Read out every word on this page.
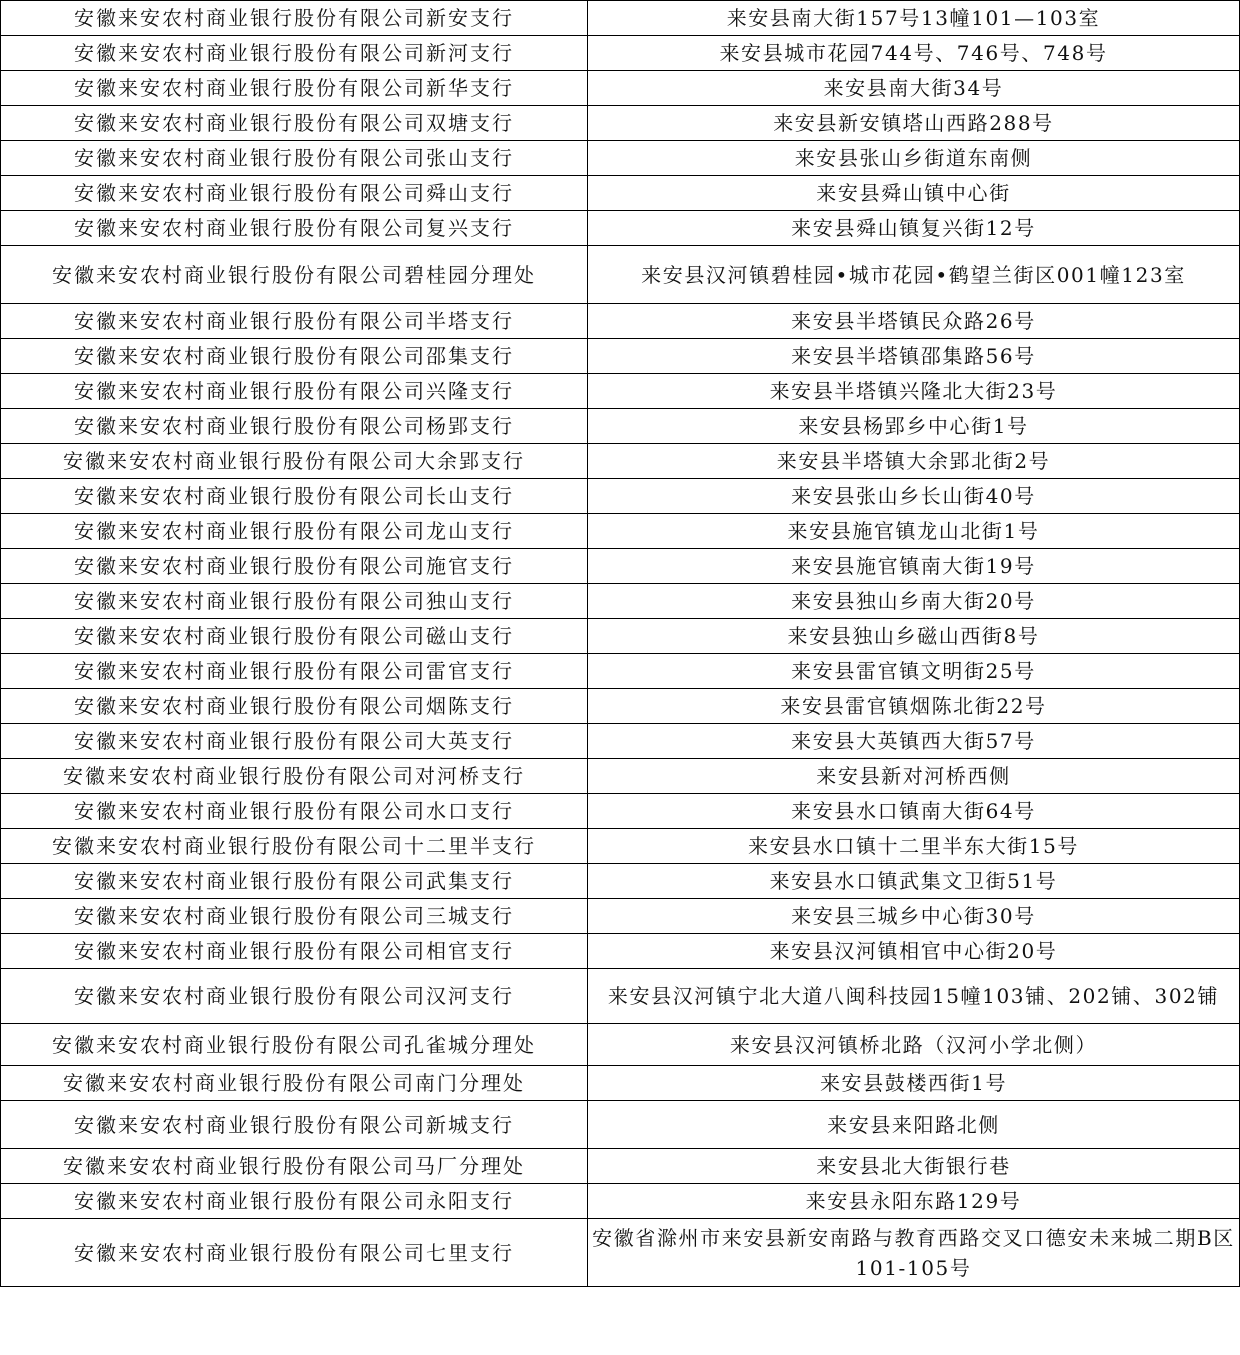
安徽来安农村商业银行股份有限公司新安支行	来安县南大街157号13幢101—103室
安徽来安农村商业银行股份有限公司新河支行	来安县城市花园744号、746号、748号
安徽来安农村商业银行股份有限公司新华支行	来安县南大街34号
安徽来安农村商业银行股份有限公司双塘支行	来安县新安镇塔山西路288号
安徽来安农村商业银行股份有限公司张山支行	来安县张山乡街道东南侧
安徽来安农村商业银行股份有限公司舜山支行	来安县舜山镇中心街
安徽来安农村商业银行股份有限公司复兴支行	来安县舜山镇复兴街12号
安徽来安农村商业银行股份有限公司碧桂园分理处	来安县汉河镇碧桂园•城市花园•鹤望兰街区001幢123室
安徽来安农村商业银行股份有限公司半塔支行	来安县半塔镇民众路26号
安徽来安农村商业银行股份有限公司邵集支行	来安县半塔镇邵集路56号
安徽来安农村商业银行股份有限公司兴隆支行	来安县半塔镇兴隆北大街23号
安徽来安农村商业银行股份有限公司杨郢支行	来安县杨郢乡中心街1号
安徽来安农村商业银行股份有限公司大余郢支行	来安县半塔镇大余郢北街2号
安徽来安农村商业银行股份有限公司长山支行	来安县张山乡长山街40号
安徽来安农村商业银行股份有限公司龙山支行	来安县施官镇龙山北街1号
安徽来安农村商业银行股份有限公司施官支行	来安县施官镇南大街19号
安徽来安农村商业银行股份有限公司独山支行	来安县独山乡南大街20号
安徽来安农村商业银行股份有限公司磁山支行	来安县独山乡磁山西街8号
安徽来安农村商业银行股份有限公司雷官支行	来安县雷官镇文明街25号
安徽来安农村商业银行股份有限公司烟陈支行	来安县雷官镇烟陈北街22号
安徽来安农村商业银行股份有限公司大英支行	来安县大英镇西大街57号
安徽来安农村商业银行股份有限公司对河桥支行	来安县新对河桥西侧
安徽来安农村商业银行股份有限公司水口支行	来安县水口镇南大街64号
安徽来安农村商业银行股份有限公司十二里半支行	来安县水口镇十二里半东大街15号
安徽来安农村商业银行股份有限公司武集支行	来安县水口镇武集文卫街51号
安徽来安农村商业银行股份有限公司三城支行	来安县三城乡中心街30号
安徽来安农村商业银行股份有限公司相官支行	来安县汉河镇相官中心街20号
安徽来安农村商业银行股份有限公司汉河支行	来安县汉河镇宁北大道八闽科技园15幢103铺、202铺、302铺
安徽来安农村商业银行股份有限公司孔雀城分理处	来安县汉河镇桥北路（汉河小学北侧）
安徽来安农村商业银行股份有限公司南门分理处	来安县鼓楼西街1号
安徽来安农村商业银行股份有限公司新城支行	来安县来阳路北侧
安徽来安农村商业银行股份有限公司马厂分理处	来安县北大街银行巷
安徽来安农村商业银行股份有限公司永阳支行	来安县永阳东路129号
安徽来安农村商业银行股份有限公司七里支行	安徽省滁州市来安县新安南路与教育西路交叉口德安未来城二期B区101-105号
